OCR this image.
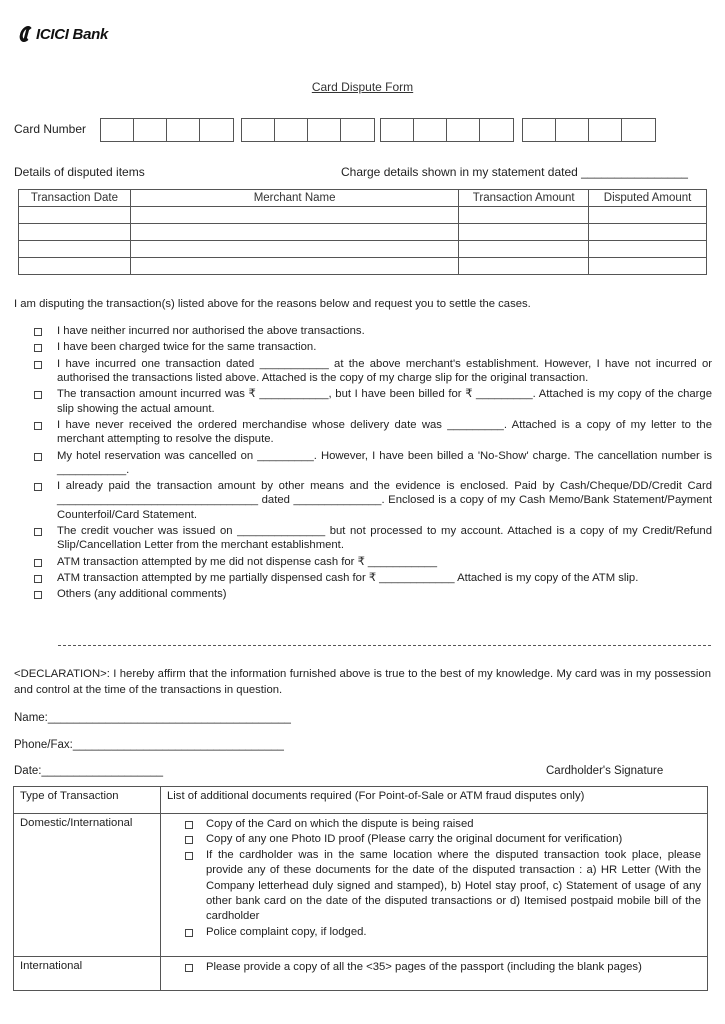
ICICI Bank
Card Dispute Form
Card Number
Details of disputed items	Charge details shown in my statement dated ________________
Transaction Date	Merchant Name	Transaction Amount	Disputed Amount

I am disputing the transaction(s) listed above for the reasons below and request you to settle the cases.
I have neither incurred nor authorised the above transactions.
I have been charged twice for the same transaction.
I have incurred one transaction dated ___________ at the above merchant's establishment. However, I have not incurred or authorised the transactions listed above. Attached is the copy of my charge slip for the original transaction.
The transaction amount incurred was ₹ ___________, but I have been billed for ₹ _________. Attached is my copy of the charge slip showing the actual amount.
I have never received the ordered merchandise whose delivery date was _________. Attached is a copy of my letter to the merchant attempting to resolve the dispute.
My hotel reservation was cancelled on _________. However, I have been billed a 'No-Show' charge. The cancellation number is ___________.
I already paid the transaction amount by other means and the evidence is enclosed. Paid by Cash/Cheque/DD/Credit Card ________________________________ dated ______________. Enclosed is a copy of my Cash Memo/Bank Statement/Payment Counterfoil/Card Statement.
The credit voucher was issued on ______________ but not processed to my account. Attached is a copy of my Credit/Refund Slip/Cancellation Letter from the merchant establishment.
ATM transaction attempted by me did not dispense cash for ₹ ___________
ATM transaction attempted by me partially dispensed cash for ₹ ____________ Attached is my copy of the ATM slip.
Others (any additional comments)
<DECLARATION>: I hereby affirm that the information furnished above is true to the best of my knowledge. My card was in my possession and control at the time of the transactions in question.
Name:______________________________________
Phone/Fax:_________________________________
Date:___________________	Cardholder's Signature
Type of Transaction	List of additional documents required (For Point-of-Sale or ATM fraud disputes only)
Domestic/International	Copy of the Card on which the dispute is being raised
Copy of any one Photo ID proof (Please carry the original document for verification)
If the cardholder was in the same location where the disputed transaction took place, please provide any of these documents for the date of the disputed transaction : a) HR Letter (With the Company letterhead duly signed and stamped), b) Hotel stay proof, c) Statement of usage of any other bank card on the date of the disputed transactions or d) Itemised postpaid mobile bill of the cardholder
Police complaint copy, if lodged.

International	Please provide a copy of all the <35> pages of the passport (including the blank pages)
